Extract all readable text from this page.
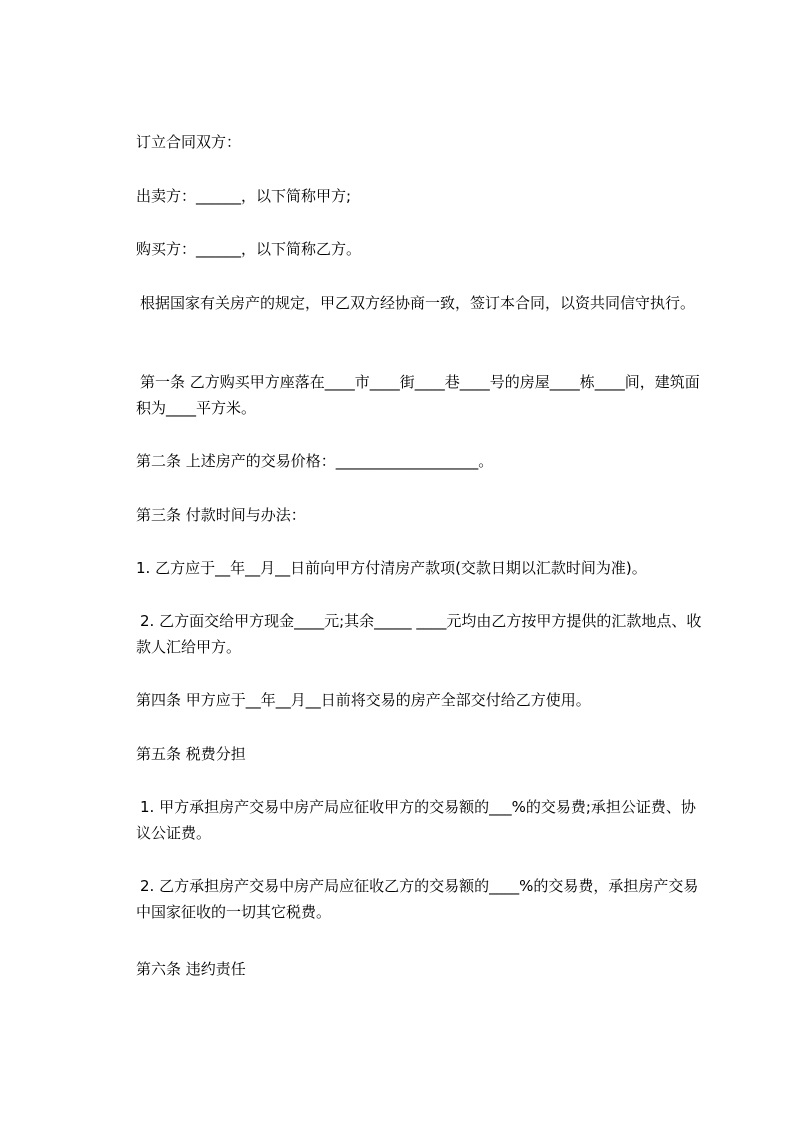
订立合同双方：

出卖方：______，以下简称甲方;

购买方：______，以下简称乙方。

根据国家有关房产的规定，甲乙双方经协商一致，签订本合同，以资共同信守执行。

第一条 乙方购买甲方座落在____市____街____巷____号的房屋____栋____间，建筑面积为____平方米。

第二条 上述房产的交易价格：___________________。

第三条 付款时间与办法：

1. 乙方应于__年__月__日前向甲方付清房产款项(交款日期以汇款时间为准)。

2. 乙方面交给甲方现金____元;其余_____ ____元均由乙方按甲方提供的汇款地点、收款人汇给甲方。

第四条 甲方应于__年__月__日前将交易的房产全部交付给乙方使用。

第五条 税费分担

1. 甲方承担房产交易中房产局应征收甲方的交易额的___%的交易费;承担公证费、协议公证费。

2. 乙方承担房产交易中房产局应征收乙方的交易额的____%的交易费，承担房产交易中国家征收的一切其它税费。

第六条 违约责任
